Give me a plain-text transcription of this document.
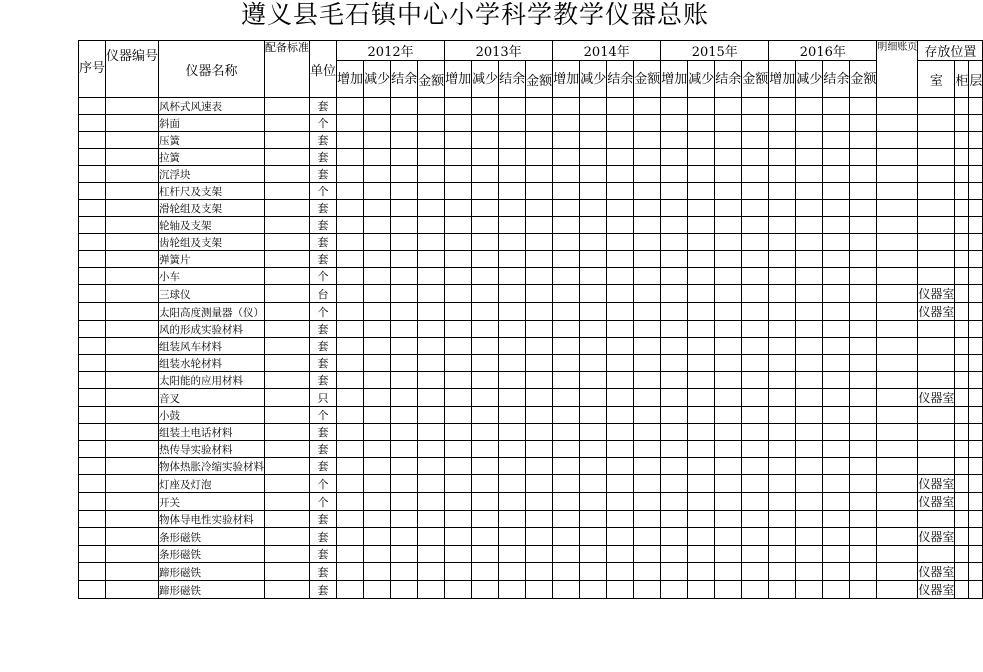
遵义县毛石镇中心小学科学教学仪器总账
序号	仪器编号	仪器名称	配备标准	单位	2012年				2013年				2014年				2015年				2016年				明细账页	存放位置		
					增加	减少	结余	金额	增加	减少	结余	金额	增加	减少	结余	金额	增加	减少	结余	金额	增加	减少	结余	金额		室	柜	层
		风杯式风速表		套																								
		斜面		个																								
		压簧		套																								
		拉簧		套																								
		沉浮块		套																								
		杠杆尺及支架		个																								
		滑轮组及支架		套																								
		轮轴及支架		套																								
		齿轮组及支架		套																								
		弹簧片		套																								
		小车		个																								
		三球仪		台																						仪器室		
		太阳高度测量器（仪）		个																						仪器室		
		风的形成实验材料		套																								
		组装风车材料		套																								
		组装水轮材料		套																								
		太阳能的应用材料		套																								
		音叉		只																						仪器室		
		小鼓		个																								
		组装土电话材料		套																								
		热传导实验材料		套																								
		物体热胀冷缩实验材料		套																								
		灯座及灯泡		个																						仪器室		
		开关		个																						仪器室		
		物体导电性实验材料		套																								
		条形磁铁		套																						仪器室		
		条形磁铁		套																								
		蹄形磁铁		套																						仪器室		
		蹄形磁铁		套																						仪器室		
